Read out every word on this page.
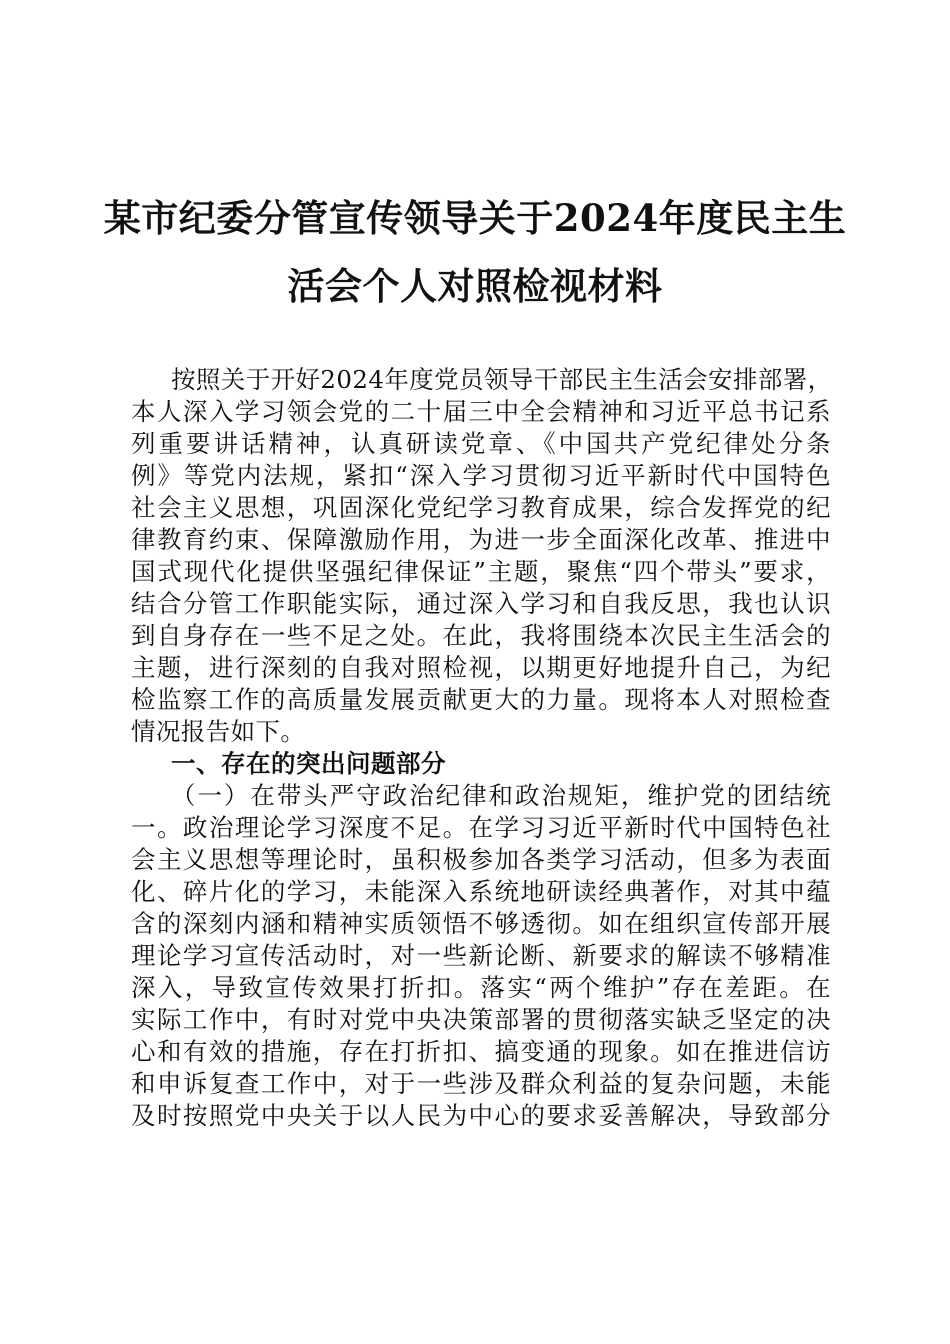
某市纪委分管宣传领导关于2024年度民主生
活会个人对照检视材料
按照关于开好2024年度党员领导干部民主生活会安排部署，
本人深入学习领会党的二十届三中全会精神和习近平总书记系
列重要讲话精神，认真研读党章、《中国共产党纪律处分条
例》等党内法规，紧扣“深入学习贯彻习近平新时代中国特色
社会主义思想，巩固深化党纪学习教育成果，综合发挥党的纪
律教育约束、保障激励作用，为进一步全面深化改革、推进中
国式现代化提供坚强纪律保证”主题，聚焦“四个带头”要求，
结合分管工作职能实际，通过深入学习和自我反思，我也认识
到自身存在一些不足之处。在此，我将围绕本次民主生活会的
主题，进行深刻的自我对照检视，以期更好地提升自己，为纪
检监察工作的高质量发展贡献更大的力量。现将本人对照检查
情况报告如下。
一、存在的突出问题部分
（一）在带头严守政治纪律和政治规矩，维护党的团结统
一。政治理论学习深度不足。在学习习近平新时代中国特色社
会主义思想等理论时，虽积极参加各类学习活动，但多为表面
化、碎片化的学习，未能深入系统地研读经典著作，对其中蕴
含的深刻内涵和精神实质领悟不够透彻。如在组织宣传部开展
理论学习宣传活动时，对一些新论断、新要求的解读不够精准
深入，导致宣传效果打折扣。落实“两个维护”存在差距。在
实际工作中，有时对党中央决策部署的贯彻落实缺乏坚定的决
心和有效的措施，存在打折扣、搞变通的现象。如在推进信访
和申诉复查工作中，对于一些涉及群众利益的复杂问题，未能
及时按照党中央关于以人民为中心的要求妥善解决，导致部分
